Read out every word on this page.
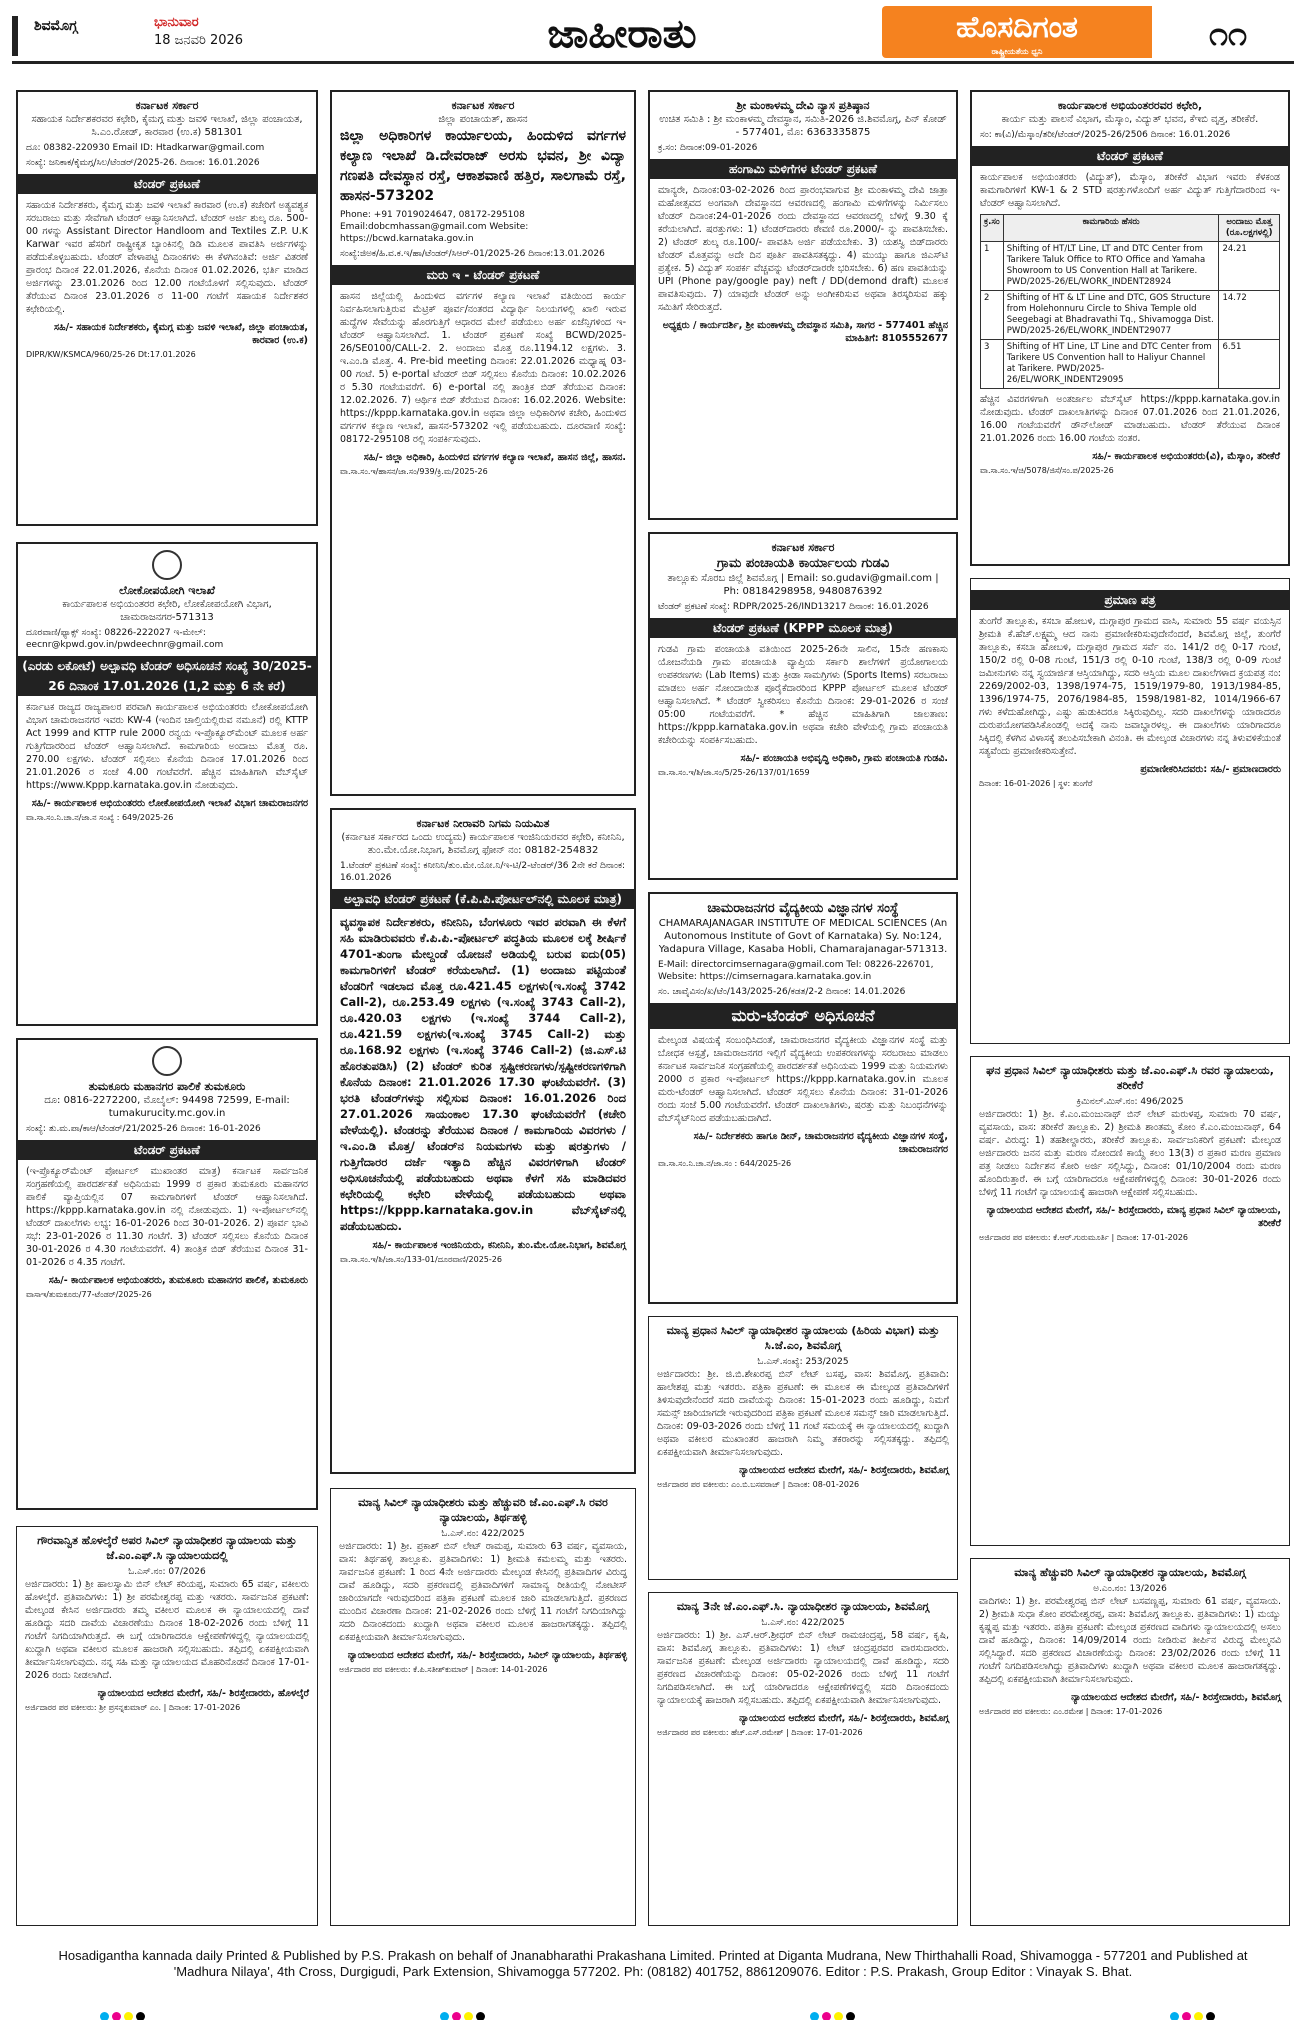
ಶಿವಮೊಗ್ಗ	ಭಾನುವಾರ
18 ಜನವರಿ 2026	ಜಾಹೀರಾತು	ಹೊಸದಿಗಂತ
ರಾಷ್ಟ್ರೀಯತೆಯ ಧ್ವನಿ	೧೧
ಕರ್ನಾಟಕ ಸರ್ಕಾರ
ಸಹಾಯಕ ನಿರ್ದೇಶಕರವರ ಕಛೇರಿ, ಕೈಮಗ್ಗ ಮತ್ತು ಜವಳಿ ಇಲಾಖೆ, ಜಿಲ್ಲಾ ಪಂಚಾಯತ, ಸಿ.ಎಂ.ರೋಡ್, ಕಾರವಾರ (ಉ.ಕ) 581301
ದೂ: 08382-220930 Email ID: Htadkarwar@gmail.com
ಸಂಖ್ಯೆ: ಜನಿಕಾಕ/ಕೈಮಗ್ಗ/ಸಿಲ/ಟೆಂಡರ್/2025-26. ದಿನಾಂಕ: 16.01.2026
ಟೆಂಡರ್ ಪ್ರಕಟಣೆ
ಸಹಾಯಕ ನಿರ್ದೇಶಕರು, ಕೈಮಗ್ಗ ಮತ್ತು ಜವಳಿ ಇಲಾಖೆ ಕಾರವಾರ (ಉ.ಕ) ಕಚೇರಿಗೆ ಅತ್ಯವಶ್ಯಕ ಸರಬರಾಜು ಮತ್ತು ಸೇವೆಗಾಗಿ ಟೆಂಡರ್ ಆಹ್ವಾನಿಸಲಾಗಿದೆ. ಟೆಂಡರ್ ಅರ್ಜಿ ಶುಲ್ಕ ರೂ. 500-00 ಗಳನ್ನು Assistant Director Handloom and Textiles Z.P. U.K Karwar ಇವರ ಹೆಸರಿಗೆ ರಾಷ್ಟ್ರೀಕೃತ ಬ್ಯಾಂಕಿನಲ್ಲಿ ಡಿಡಿ ಮೂಲಕ ಪಾವತಿಸಿ ಅರ್ಜಿಗಳನ್ನು ಪಡೆದುಕೊಳ್ಳಬಹುದು. ಟೆಂಡರ್ ವೇಳಾಪಟ್ಟಿ ದಿನಾಂಕಗಳು ಈ ಕೆಳಗಿನಂತಿವೆ: ಅರ್ಜಿ ವಿತರಣೆ ಪ್ರಾರಂಭ ದಿನಾಂಕ 22.01.2026, ಕೊನೆಯ ದಿನಾಂಕ 01.02.2026, ಭರ್ತಿ ಮಾಡಿದ ಅರ್ಜಿಗಳನ್ನು 23.01.2026 ರಿಂದ 12.00 ಗಂಟೆಯೊಳಗೆ ಸಲ್ಲಿಸುವುದು. ಟೆಂಡರ್ ತೆರೆಯುವ ದಿನಾಂಕ 23.01.2026 ರ 11-00 ಗಂಟೆಗೆ ಸಹಾಯಕ ನಿರ್ದೇಶಕರ ಕಛೇರಿಯಲ್ಲಿ.
ಸಹಿ/- ಸಹಾಯಕ ನಿರ್ದೇಶಕರು, ಕೈಮಗ್ಗ ಮತ್ತು ಜವಳಿ ಇಲಾಖೆ, ಜಿಲ್ಲಾ ಪಂಚಾಯತ, ಕಾರವಾರ (ಉ.ಕ)
DIPR/KW/KSMCA/960/25-26 Dt:17.01.2026
ಲೋಕೋಪಯೋಗಿ ಇಲಾಖೆ
ಕಾರ್ಯಪಾಲಕ ಅಭಿಯಂತರರ ಕಛೇರಿ, ಲೋಕೋಪಯೋಗಿ ವಿಭಾಗ, ಚಾಮರಾಜನಗರ-571313
ದೂರವಾಣಿ/ಫ್ಯಾಕ್ಸ್ ಸಂಖ್ಯೆ: 08226-222027 ಇ-ಮೇಲ್: eecnr@kpwd.gov.in/pwdeechnr@gmail.com
(ಎರಡು ಲಕೋಟೆ) ಅಲ್ಪಾವಧಿ ಟೆಂಡರ್ ಅಧಿಸೂಚನೆ ಸಂಖ್ಯೆ 30/2025-26 ದಿನಾಂಕ 17.01.2026 (1,2 ಮತ್ತು 6 ನೇ ಕರೆ)
ಕರ್ನಾಟಕ ರಾಜ್ಯದ ರಾಜ್ಯಪಾಲರ ಪರವಾಗಿ ಕಾರ್ಯಪಾಲಕ ಅಭಿಯಂತರರು ಲೋಕೋಪಯೋಗಿ ವಿಭಾಗ ಚಾಮರಾಜನಗರ ಇವರು KW-4 (ಇಂದಿನ ಚಾಲ್ತಿಯಲ್ಲಿರುವ ನಮೂನೆ) ರಲ್ಲಿ KTTP Act 1999 and KTTP rule 2000 ರನ್ವಯ ಇ-ಪ್ರೊಕ್ಯೂರ್‌ಮೆಂಟ್ ಮೂಲಕ ಅರ್ಹ ಗುತ್ತಿಗೆದಾರರಿಂದ ಟೆಂಡರ್ ಆಹ್ವಾನಿಸಲಾಗಿದೆ. ಕಾಮಗಾರಿಯ ಅಂದಾಜು ಮೊತ್ತ ರೂ. 270.00 ಲಕ್ಷಗಳು. ಟೆಂಡರ್ ಸಲ್ಲಿಸಲು ಕೊನೆಯ ದಿನಾಂಕ 17.01.2026 ರಿಂದ 21.01.2026 ರ ಸಂಜೆ 4.00 ಗಂಟೆವರೆಗೆ. ಹೆಚ್ಚಿನ ಮಾಹಿತಿಗಾಗಿ ವೆಬ್‌ಸೈಟ್ https://www.Kppp.karnataka.gov.in ನೋಡುವುದು.
ಸಹಿ/- ಕಾರ್ಯಪಾಲಕ ಅಭಿಯಂತರರು ಲೋಕೋಪಯೋಗಿ ಇಲಾಖೆ ವಿಭಾಗ ಚಾಮರಾಜನಗರ
ವಾ.ಸಾ.ಸಂ.ನಿ.ಚಾ.ನ/ಜಾ.ನ ಸಂಖ್ಯೆ : 649/2025-26
ತುಮಕೂರು ಮಹಾನಗರ ಪಾಲಿಕೆ ತುಮಕೂರು
ದೂ: 0816-2272200, ಮೊಬೈಲ್: 94498 72599, E-mail: tumakurucity.mc.gov.in
ಸಂಖ್ಯೆ: ತು.ಮ.ಪಾ/ಕಾಆ/ಟೆಂಡರ್/21/2025-26 ದಿನಾಂಕ: 16-01-2026
ಟೆಂಡರ್ ಪ್ರಕಟಣೆ
(ಇ-ಪ್ರೊಕ್ಯೂರ್‌ಮೆಂಟ್ ಪೋರ್ಟಲ್ ಮುಖಾಂತರ ಮಾತ್ರ) ಕರ್ನಾಟಕ ಸಾರ್ವಜನಿಕ ಸಂಗ್ರಹಣೆಯಲ್ಲಿ ಪಾರದರ್ಶಕತೆ ಅಧಿನಿಯಮ 1999 ರ ಪ್ರಕಾರ ತುಮಕೂರು ಮಹಾನಗರ ಪಾಲಿಕೆ ವ್ಯಾಪ್ತಿಯಲ್ಲಿನ 07 ಕಾಮಗಾರಿಗಳಿಗೆ ಟೆಂಡರ್ ಆಹ್ವಾನಿಸಲಾಗಿದೆ. https://kppp.karnataka.gov.in ನಲ್ಲಿ ನೋಡುವುದು. 1) ಇ-ಪೋರ್ಟಲ್‌ನಲ್ಲಿ ಟೆಂಡರ್ ದಾಖಲೆಗಳು ಲಭ್ಯ: 16-01-2026 ರಿಂದ 30-01-2026. 2) ಪೂರ್ವ ಭಾವಿ ಸಭೆ: 23-01-2026 ರ 11.30 ಗಂಟೆಗೆ. 3) ಟೆಂಡರ್ ಸಲ್ಲಿಸಲು ಕೊನೆಯ ದಿನಾಂಕ 30-01-2026 ರ 4.30 ಗಂಟೆಯವರೆಗೆ. 4) ತಾಂತ್ರಿಕ ಬಿಡ್ ತೆರೆಯುವ ದಿನಾಂಕ 31-01-2026 ರ 4.35 ಗಂಟೆಗೆ.
ಸಹಿ/- ಕಾರ್ಯಪಾಲಕ ಅಭಿಯಂತರರು, ತುಮಕೂರು ಮಹಾನಗರ ಪಾಲಿಕೆ, ತುಮಕೂರು
ವಾಸಾಇ/ತುಮಕೂರು/77-ಟೆಂಡರ್/2025-26
ಗೌರವಾನ್ವಿತ ಹೊಳಲ್ಕೆರೆ ಅಪರ ಸಿವಿಲ್ ನ್ಯಾಯಾಧೀಶರ ನ್ಯಾಯಾಲಯ ಮತ್ತು ಜೆ.ಎಂ.ಎಫ್.ಸಿ ನ್ಯಾಯಾಲಯದಲ್ಲಿ
ಓ.ಎಸ್.ನಂ: 07/2026
ಅರ್ಜಿದಾರರು: 1) ಶ್ರೀ ಹಾಲಸ್ವಾಮಿ ಬಿನ್ ಲೇಟ್ ಕರಿಯಪ್ಪ, ಸುಮಾರು 65 ವರ್ಷ, ವಕೀಲರು ಹೊಳಲ್ಕೆರೆ. ಪ್ರತಿವಾದಿಗಳು: 1) ಶ್ರೀ ಪರಮೇಶ್ವರಪ್ಪ ಮತ್ತು ಇತರರು. ಸಾರ್ವಜನಿಕ ಪ್ರಕಟಣೆ: ಮೇಲ್ಕಂಡ ಕೇಸಿನ ಅರ್ಜಿದಾರರು ತಮ್ಮ ವಕೀಲರ ಮೂಲಕ ಈ ನ್ಯಾಯಾಲಯದಲ್ಲಿ ದಾವೆ ಹೂಡಿದ್ದು ಸದರಿ ದಾವೆಯ ವಿಚಾರಣೆಯು ದಿನಾಂಕ 18-02-2026 ರಂದು ಬೆಳಿಗ್ಗೆ 11 ಗಂಟೆಗೆ ನಿಗದಿಯಾಗಿರುತ್ತದೆ. ಈ ಬಗ್ಗೆ ಯಾರಿಗಾದರೂ ಆಕ್ಷೇಪಣೆಗಳಿದ್ದಲ್ಲಿ ನ್ಯಾಯಾಲಯದಲ್ಲಿ ಖುದ್ದಾಗಿ ಅಥವಾ ವಕೀಲರ ಮೂಲಕ ಹಾಜರಾಗಿ ಸಲ್ಲಿಸಬಹುದು. ತಪ್ಪಿದಲ್ಲಿ ಏಕಪಕ್ಷೀಯವಾಗಿ ತೀರ್ಮಾನಿಸಲಾಗುವುದು. ನನ್ನ ಸಹಿ ಮತ್ತು ನ್ಯಾಯಾಲಯದ ಮೊಹರಿನೊಡನೆ ದಿನಾಂಕ 17-01-2026 ರಂದು ನೀಡಲಾಗಿದೆ.
ನ್ಯಾಯಾಲಯದ ಆದೇಶದ ಮೇರೆಗೆ, ಸಹಿ/- ಶಿರಸ್ತೇದಾರರು, ಹೊಳಲ್ಕೆರೆ
ಅರ್ಜಿದಾರರ ಪರ ವಕೀಲರು: ಶ್ರೀ ಪ್ರಸನ್ನಕುಮಾರ್ ಎಂ. | ದಿನಾಂಕ: 17-01-2026
ಕರ್ನಾಟಕ ಸರ್ಕಾರ
ಜಿಲ್ಲಾ ಪಂಚಾಯತ್, ಹಾಸನ
ಜಿಲ್ಲಾ ಅಧಿಕಾರಿಗಳ ಕಾರ್ಯಾಲಯ, ಹಿಂದುಳಿದ ವರ್ಗಗಳ ಕಲ್ಯಾಣ ಇಲಾಖೆ ಡಿ.ದೇವರಾಜ್ ಅರಸು ಭವನ, ಶ್ರೀ ವಿದ್ಯಾ ಗಣಪತಿ ದೇವಸ್ಥಾನ ರಸ್ತೆ, ಆಕಾಶವಾಣಿ ಹತ್ತಿರ, ಸಾಲಗಾಮೆ ರಸ್ತೆ, ಹಾಸನ-573202
Phone: +91 7019024647, 08172-295108 Email:dobcmhassan@gmail.com Website: https://bcwd.karnataka.gov.in
ಸಂಖ್ಯೆ:ಜಿಅಕ/ಹಿ.ವ.ಕ.ಇ/ಹಾ/ಟೆಂಡರ್/ಸಿಆರ್-01/2025-26 ದಿನಾಂಕ:13.01.2026
ಮರು ಇ - ಟೆಂಡರ್ ಪ್ರಕಟಣೆ
ಹಾಸನ ಜಿಲ್ಲೆಯಲ್ಲಿ ಹಿಂದುಳಿದ ವರ್ಗಗಳ ಕಲ್ಯಾಣ ಇಲಾಖೆ ವತಿಯಿಂದ ಕಾರ್ಯ ನಿರ್ವಹಿಸಲಾಗುತ್ತಿರುವ ಮೆಟ್ರಿಕ್ ಪೂರ್ವ/ನಂತರದ ವಿದ್ಯಾರ್ಥಿ ನಿಲಯಗಳಲ್ಲಿ ಖಾಲಿ ಇರುವ ಹುದ್ದೆಗಳ ಸೇವೆಯನ್ನು ಹೊರಗುತ್ತಿಗೆ ಆಧಾರದ ಮೇಲೆ ಪಡೆಯಲು ಅರ್ಹ ಏಜೆನ್ಸಿಗಳಿಂದ ಇ-ಟೆಂಡರ್ ಆಹ್ವಾನಿಸಲಾಗಿದೆ. 1. ಟೆಂಡರ್ ಪ್ರಕಟಣೆ ಸಂಖ್ಯೆ BCWD/2025-26/SE0100/CALL-2. 2. ಅಂದಾಜು ಮೊತ್ತ ರೂ.1194.12 ಲಕ್ಷಗಳು. 3. ಇ.ಎಂ.ಡಿ ಮೊತ್ತ. 4. Pre-bid meeting ದಿನಾಂಕ: 22.01.2026 ಮಧ್ಯಾಹ್ನ 03-00 ಗಂಟೆ. 5) e-portal ಟೆಂಡರ್ ಬಿಡ್ ಸಲ್ಲಿಸಲು ಕೊನೆಯ ದಿನಾಂಕ: 10.02.2026 ರ 5.30 ಗಂಟೆಯವರೆಗೆ. 6) e-portal ನಲ್ಲಿ ತಾಂತ್ರಿಕ ಬಿಡ್ ತೆರೆಯುವ ದಿನಾಂಕ: 12.02.2026. 7) ಆರ್ಥಿಕ ಬಿಡ್ ತೆರೆಯುವ ದಿನಾಂಕ: 16.02.2026. Website: https://kppp.karnataka.gov.in ಅಥವಾ ಜಿಲ್ಲಾ ಅಧಿಕಾರಿಗಳ ಕಚೇರಿ, ಹಿಂದುಳಿದ ವರ್ಗಗಳ ಕಲ್ಯಾಣ ಇಲಾಖೆ, ಹಾಸನ-573202 ಇಲ್ಲಿ ಪಡೆಯಬಹುದು. ದೂರವಾಣಿ ಸಂಖ್ಯೆ: 08172-295108 ರಲ್ಲಿ ಸಂಪರ್ಕಿಸುವುದು.
ಸಹಿ/- ಜಿಲ್ಲಾ ಅಧಿಕಾರಿ, ಹಿಂದುಳಿದ ವರ್ಗಗಳ ಕಲ್ಯಾಣ ಇಲಾಖೆ, ಹಾಸನ ಜಿಲ್ಲೆ, ಹಾಸನ.
ವಾ.ಸಾ.ಸಂ.ಇ/ಹಾಸನ/ಜಾ.ಸಂ/939/ಕ್ರಿ.ಮ/2025-26
ಕರ್ನಾಟಕ ನೀರಾವರಿ ನಿಗಮ ನಿಯಮಿತ
(ಕರ್ನಾಟಕ ಸರ್ಕಾರದ ಒಂದು ಉದ್ಯಮ) ಕಾರ್ಯಪಾಲಕ ಇಂಜಿನಿಯರವರ ಕಛೇರಿ, ಕನೀನಿನಿ, ತುಂ.ಮೇ.ಯೋ.ನಿಭಾಗ, ಶಿವಮೊಗ್ಗ ಫೋನ್ ನಂ: 08182-254832
1.ಟೆಂಡರ್ ಪ್ರಕಟಣೆ ಸಂಖ್ಯೆ: ಕನೀನಿನಿ/ತುಂ.ಮೇ.ಯೋ.ನಿ/ಇ-ಟಿ/2-ಟೆಂಡರ್/36 2ನೇ ಕರೆ ದಿನಾಂಕ: 16.01.2026
ಅಲ್ಪಾವಧಿ ಟೆಂಡರ್ ಪ್ರಕಟಣೆ (ಕೆ.ಪಿ.ಪಿ.ಪೋರ್ಟಲ್‌ನಲ್ಲಿ ಮೂಲಕ ಮಾತ್ರ)
ವ್ಯವಸ್ಥಾಪಕ ನಿರ್ದೇಶಕರು, ಕನೀನಿನಿ, ಬೆಂಗಳೂರು ಇವರ ಪರವಾಗಿ ಈ ಕೆಳಗೆ ಸಹಿ ಮಾಡಿರುವವರು ಕೆ.ಪಿ.ಪಿ.-ಪೋರ್ಟಲ್ ಪದ್ಧತಿಯ ಮೂಲಕ ಲಕ್ಕೆ ಶೀರ್ಷಿಕೆ 4701-ತುಂಗಾ ಮೇಲ್ದಂಡೆ ಯೋಜನೆ ಅಡಿಯಲ್ಲಿ ಬರುವ ಐದು(05) ಕಾಮಗಾರಿಗಳಿಗೆ ಟೆಂಡರ್ ಕರೆಯಲಾಗಿದೆ. (1) ಅಂದಾಜು ಪಟ್ಟಿಯಂತೆ ಟೆಂಡರಿಗೆ ಇಡಲಾದ ಮೊತ್ತ ರೂ.421.45 ಲಕ್ಷಗಳು(ಇ.ಸಂಖ್ಯೆ 3742 Call-2), ರೂ.253.49 ಲಕ್ಷಗಳು (ಇ.ಸಂಖ್ಯೆ 3743 Call-2), ರೂ.420.03 ಲಕ್ಷಗಳು (ಇ.ಸಂಖ್ಯೆ 3744 Call-2), ರೂ.421.59 ಲಕ್ಷಗಳು(ಇ.ಸಂಖ್ಯೆ 3745 Call-2) ಮತ್ತು ರೂ.168.92 ಲಕ್ಷಗಳು (ಇ.ಸಂಖ್ಯೆ 3746 Call-2) (ಜಿ.ಎಸ್.ಟಿ ಹೊರತುಪಡಿಸಿ) (2) ಟೆಂಡರ್ ಕುರಿತ ಸ್ಪಷ್ಟೀಕರಣಗಳು/ಸ್ಪಷ್ಟೀಕರಣಗಳಿಗಾಗಿ ಕೊನೆಯ ದಿನಾಂಕ: 21.01.2026 17.30 ಘಂಟೆಯವರೆಗೆ. (3) ಭರತಿ ಟೆಂಡರ್‌ಗಳನ್ನು ಸಲ್ಲಿಸುವ ದಿನಾಂಕ: 16.01.2026 ರಿಂದ 27.01.2026 ಸಾಯಂಕಾಲ 17.30 ಘಂಟೆಯವರೆಗೆ (ಕಚೇರಿ ವೇಳೆಯಲ್ಲಿ). ಟೆಂಡರನ್ನು ತೆರೆಯುವ ದಿನಾಂಕ / ಕಾಮಗಾರಿಯ ವಿವರಗಳು /ಇ.ಎಂ.ಡಿ ಮೊತ್ತ/ ಟೆಂಡರ್‌ನ ನಿಯಮಗಳು ಮತ್ತು ಷರತ್ತುಗಳು / ಗುತ್ತಿಗೆದಾರರ ದರ್ಜೆ ಇತ್ಯಾದಿ ಹೆಚ್ಚಿನ ವಿವರಗಳಿಗಾಗಿ ಟೆಂಡರ್ ಅಧಿಸೂಚನೆಯಲ್ಲಿ ಪಡೆಯಬಹುದು ಅಥವಾ ಕೆಳಗೆ ಸಹಿ ಮಾಡಿದವರ ಕಛೇರಿಯಲ್ಲಿ ಕಛೇರಿ ವೇಳೆಯಲ್ಲಿ ಪಡೆಯಬಹುದು ಅಥವಾ https://kppp.karnataka.gov.in ವೆಬ್‌ಸೈಟ್‌ನಲ್ಲಿ ಪಡೆಯಬಹುದು.
ಸಹಿ/- ಕಾರ್ಯಪಾಲಕ ಇಂಜಿನಿಯರು, ಕನೀನಿನಿ, ತುಂ.ಮೇ.ಯೋ.ನಿಭಾಗ, ಶಿವಮೊಗ್ಗ
ವಾ.ಸಾ.ಸಂ.ಇ/ಶಿ/ಜಾ.ಸಂ/133-01/ದೂರವಾಣಿ/2025-26
ಮಾನ್ಯ ಸಿವಿಲ್ ನ್ಯಾಯಾಧೀಶರು ಮತ್ತು ಹೆಚ್ಚುವರಿ ಜೆ.ಎಂ.ಎಫ್.ಸಿ ರವರ ನ್ಯಾಯಾಲಯ, ತಿರ್ಥಹಳ್ಳಿ
ಓ.ಎಸ್.ನಂ: 422/2025
ಅರ್ಜಿದಾರರು: 1) ಶ್ರೀ. ಪ್ರಕಾಶ್ ಬಿನ್ ಲೇಟ್ ರಾಮಪ್ಪ, ಸುಮಾರು 63 ವರ್ಷ, ವ್ಯವಸಾಯ, ವಾಸ: ತಿರ್ಥಹಳ್ಳಿ ತಾಲ್ಲೂಕು. ಪ್ರತಿವಾದಿಗಳು: 1) ಶ್ರೀಮತಿ ಕಮಲಮ್ಮ ಮತ್ತು ಇತರರು. ಸಾರ್ವಜನಿಕ ಪ್ರಕಟಣೆ: 1 ರಿಂದ 4ನೇ ಅರ್ಜಿದಾರರು ಮೇಲ್ಕಂಡ ಕೇಸಿನಲ್ಲಿ ಪ್ರತಿವಾದಿಗಳ ವಿರುದ್ಧ ದಾವೆ ಹೂಡಿದ್ದು, ಸದರಿ ಪ್ರಕರಣದಲ್ಲಿ ಪ್ರತಿವಾದಿಗಳಿಗೆ ಸಾಮಾನ್ಯ ರೀತಿಯಲ್ಲಿ ನೋಟೀಸ್ ಜಾರಿಯಾಗದೇ ಇರುವುದರಿಂದ ಪತ್ರಿಕಾ ಪ್ರಕಟಣೆ ಮೂಲಕ ಜಾರಿ ಮಾಡಲಾಗುತ್ತಿದೆ. ಪ್ರಕರಣದ ಮುಂದಿನ ವಿಚಾರಣಾ ದಿನಾಂಕ: 21-02-2026 ರಂದು ಬೆಳಿಗ್ಗೆ 11 ಗಂಟೆಗೆ ನಿಗದಿಯಾಗಿದ್ದು ಸದರಿ ದಿನಾಂಕದಂದು ಖುದ್ದಾಗಿ ಅಥವಾ ವಕೀಲರ ಮೂಲಕ ಹಾಜರಾಗತಕ್ಕದ್ದು. ತಪ್ಪಿದಲ್ಲಿ ಏಕಪಕ್ಷೀಯವಾಗಿ ತೀರ್ಮಾನಿಸಲಾಗುವುದು.
ನ್ಯಾಯಾಲಯದ ಆದೇಶದ ಮೇರೆಗೆ, ಸಹಿ/- ಶಿರಸ್ತೇದಾರರು, ಸಿವಿಲ್ ನ್ಯಾಯಾಲಯ, ತಿರ್ಥಹಳ್ಳಿ
ಅರ್ಜಿದಾರರ ಪರ ವಕೀಲರು: ಕೆ.ಪಿ.ಸತೀಶ್‌ಕುಮಾರ್ | ದಿನಾಂಕ: 14-01-2026
ಶ್ರೀ ಮಂಕಾಳಮ್ಮ ದೇವಿ ನ್ಯಾಸ ಪ್ರತಿಷ್ಠಾನ
ಉಚಿತ ಸಮಿತಿ : ಶ್ರೀ ಮಂಕಾಳಮ್ಮ ದೇವಸ್ಥಾನ, ಸಮಿತಿ-2026 ಜಿ.ಶಿವಮೊಗ್ಗ, ಪಿನ್ ಕೋಡ್ - 577401, ಮೊ: 6363335875
ಕ್ರ.ಸಂ: ದಿನಾಂಕ:09-01-2026
ಹಂಗಾಮಿ ಮಳಿಗೆಗಳ ಟೆಂಡರ್ ಪ್ರಕಟಣೆ
ಮಾನ್ಯರೇ, ದಿನಾಂಕ:03-02-2026 ರಿಂದ ಪ್ರಾರಂಭವಾಗುವ ಶ್ರೀ ಮಂಕಾಳಮ್ಮ ದೇವಿ ಜಾತ್ರಾ ಮಹೋತ್ಸವದ ಅಂಗವಾಗಿ ದೇವಸ್ಥಾನದ ಆವರಣದಲ್ಲಿ ಹಂಗಾಮಿ ಮಳಿಗೆಗಳನ್ನು ನಿರ್ಮಿಸಲು ಟೆಂಡರ್ ದಿನಾಂಕ:24-01-2026 ರಂದು ದೇವಸ್ಥಾನದ ಆವರಣದಲ್ಲಿ ಬೆಳಿಗ್ಗೆ 9.30 ಕ್ಕೆ ಕರೆಯಲಾಗಿದೆ. ಷರತ್ತುಗಳು: 1) ಟೆಂಡರ್‌ದಾರರು ಠೇವಣಿ ರೂ.2000/- ನ್ನು ಪಾವತಿಸಬೇಕು. 2) ಟೆಂಡರ್ ಶುಲ್ಕ ರೂ.100/- ಪಾವತಿಸಿ ಅರ್ಜಿ ಪಡೆಯಬೇಕು. 3) ಯಶಸ್ವಿ ಬಿಡ್‌ದಾರರು ಟೆಂಡರ್ ಮೊತ್ತವನ್ನು ಅದೇ ದಿನ ಪೂರ್ತಿ ಪಾವತಿಸತಕ್ಕದ್ದು. 4) ಮುಯ್ಯು ಹಾಗೂ ಜಿಎಸ್‌ಟಿ ಪ್ರತ್ಯೇಕ. 5) ವಿದ್ಯುತ್ ಸಂಪರ್ಕ ವೆಚ್ಚವನ್ನು ಟೆಂಡರ್‌ದಾರರೇ ಭರಿಸಬೇಕು. 6) ಹಣ ಪಾವತಿಯನ್ನು UPI (Phone pay/google pay) neft / DD(demond draft) ಮೂಲಕ ಪಾವತಿಸುವುದು. 7) ಯಾವುದೇ ಟೆಂಡರ್ ಅನ್ನು ಅಂಗೀಕರಿಸುವ ಅಥವಾ ತಿರಸ್ಕರಿಸುವ ಹಕ್ಕು ಸಮಿತಿಗೆ ಸೇರಿರುತ್ತದೆ.
ಅಧ್ಯಕ್ಷರು / ಕಾರ್ಯದರ್ಶಿ, ಶ್ರೀ ಮಂಕಾಳಮ್ಮ ದೇವಸ್ಥಾನ ಸಮಿತಿ, ಸಾಗರ - 577401 ಹೆಚ್ಚಿನ ಮಾಹಿತಿಗೆ: 8105552677
ಕರ್ನಾಟಕ ಸರ್ಕಾರ
ಗ್ರಾಮ ಪಂಚಾಯತಿ ಕಾರ್ಯಾಲಯ ಗುಡವಿ
ತಾಲ್ಲೂಕು ಸೊರಬ ಜಿಲ್ಲೆ ಶಿವಮೊಗ್ಗ | Email: so.gudavi@gmail.com | Ph: 08184298958, 9480876392
ಟೆಂಡರ್ ಪ್ರಕಟಣೆ ಸಂಖ್ಯೆ: RDPR/2025-26/IND13217 ದಿನಾಂಕ: 16.01.2026
ಟೆಂಡರ್ ಪ್ರಕಟಣೆ (KPPP ಮೂಲಕ ಮಾತ್ರ)
ಗುಡವಿ ಗ್ರಾಮ ಪಂಚಾಯತಿ ವತಿಯಿಂದ 2025-26ನೇ ಸಾಲಿನ, 15ನೇ ಹಣಕಾಸು ಯೋಜನೆಯಡಿ ಗ್ರಾಮ ಪಂಚಾಯತಿ ವ್ಯಾಪ್ತಿಯ ಸರ್ಕಾರಿ ಶಾಲೆಗಳಿಗೆ ಪ್ರಯೋಗಾಲಯ ಉಪಕರಣಗಳು (Lab Items) ಮತ್ತು ಕ್ರೀಡಾ ಸಾಮಗ್ರಿಗಳು (Sports Items) ಸರಬರಾಜು ಮಾಡಲು ಅರ್ಹ ನೋಂದಾಯಿತ ಪೂರೈಕೆದಾರರಿಂದ KPPP ಪೋರ್ಟಲ್ ಮೂಲಕ ಟೆಂಡರ್ ಆಹ್ವಾನಿಸಲಾಗಿದೆ. * ಟೆಂಡರ್ ಸ್ವೀಕರಿಸಲು ಕೊನೆಯ ದಿನಾಂಕ: 29-01-2026 ರ ಸಂಜೆ 05:00 ಗಂಟೆಯವರೆಗೆ. * ಹೆಚ್ಚಿನ ಮಾಹಿತಿಗಾಗಿ ಜಾಲತಾಣ: https://kppp.karnataka.gov.in ಅಥವಾ ಕಚೇರಿ ವೇಳೆಯಲ್ಲಿ ಗ್ರಾಮ ಪಂಚಾಯತಿ ಕಚೇರಿಯನ್ನು ಸಂಪರ್ಕಿಸಬಹುದು.
ಸಹಿ/- ಪಂಚಾಯತಿ ಅಭಿವೃದ್ಧಿ ಅಧಿಕಾರಿ, ಗ್ರಾಮ ಪಂಚಾಯತಿ ಗುಡವಿ.
ವಾ.ಸಾ.ಸಂ.ಇ/ಶಿ/ಜಾ.ಸಂ/5/25-26/137/01/1659
ಚಾಮರಾಜನಗರ ವೈದ್ಯಕೀಯ ವಿಜ್ಞಾನಗಳ ಸಂಸ್ಥೆ
CHAMARAJANAGAR INSTITUTE OF MEDICAL SCIENCES (An Autonomous Institute of Govt of Karnataka) Sy. No:124, Yadapura Village, Kasaba Hobli, Chamarajanagar-571313.
E-Mail: directorcimsernagara@gmail.com Tel: 08226-226701, Website: https://cimsernagara.karnataka.gov.in
ಸಂ. ಚಾವೈವಿಸಂ/ಖ/ಟೆಂ/143/2025-26/ಕಡತ/2-2 ದಿನಾಂಕ: 14.01.2026
ಮರು-ಟೆಂಡರ್ ಅಧಿಸೂಚನೆ
ಮೇಲ್ಕಂಡ ವಿಷಯಕ್ಕೆ ಸಂಬಂಧಿಸಿದಂತೆ, ಚಾಮರಾಜನಗರ ವೈದ್ಯಕೀಯ ವಿಜ್ಞಾನಗಳ ಸಂಸ್ಥೆ ಮತ್ತು ಬೋಧಕ ಆಸ್ಪತ್ರೆ, ಚಾಮರಾಜನಗರ ಇಲ್ಲಿಗೆ ವೈದ್ಯಕೀಯ ಉಪಕರಣಗಳನ್ನು ಸರಬರಾಜು ಮಾಡಲು ಕರ್ನಾಟಕ ಸಾರ್ವಜನಿಕ ಸಂಗ್ರಹಣೆಯಲ್ಲಿ ಪಾರದರ್ಶಕತೆ ಅಧಿನಿಯಮ 1999 ಮತ್ತು ನಿಯಮಗಳು 2000 ರ ಪ್ರಕಾರ ಇ-ಪೋರ್ಟಲ್ https://kppp.karnataka.gov.in ಮೂಲಕ ಮರು-ಟೆಂಡರ್ ಆಹ್ವಾನಿಸಲಾಗಿದೆ. ಟೆಂಡರ್ ಸಲ್ಲಿಸಲು ಕೊನೆಯ ದಿನಾಂಕ: 31-01-2026 ರಂದು ಸಂಜೆ 5.00 ಗಂಟೆಯವರೆಗೆ. ಟೆಂಡರ್ ದಾಖಲಾತಿಗಳು, ಷರತ್ತು ಮತ್ತು ನಿಬಂಧನೆಗಳನ್ನು ವೆಬ್‌ಸೈಟ್‌ನಿಂದ ಪಡೆಯಬಹುದಾಗಿದೆ.
ಸಹಿ/- ನಿರ್ದೇಶಕರು ಹಾಗೂ ಡೀನ್, ಚಾಮರಾಜನಗರ ವೈದ್ಯಕೀಯ ವಿಜ್ಞಾನಗಳ ಸಂಸ್ಥೆ, ಚಾಮರಾಜನಗರ
ವಾ.ಸಾ.ಸಂ.ನಿ.ಚಾ.ನ/ಜಾ.ಸಂ : 644/2025-26
ಮಾನ್ಯ ಪ್ರಧಾನ ಸಿವಿಲ್ ನ್ಯಾಯಾಧೀಶರ ನ್ಯಾಯಾಲಯ (ಹಿರಿಯ ವಿಭಾಗ) ಮತ್ತು ಸಿ.ಜೆ.ಎಂ, ಶಿವಮೊಗ್ಗ
ಓ.ಎಸ್.ಸಂಖ್ಯೆ: 253/2025
ಅರ್ಜಿದಾರರು: ಶ್ರೀ. ಜಿ.ಬಿ.ಶೇಖರಪ್ಪ ಬಿನ್ ಲೇಟ್ ಬಸಪ್ಪ, ವಾಸ: ಶಿವಮೊಗ್ಗ. ಪ್ರತಿವಾದಿ: ಹಾಲೇಶಪ್ಪ ಮತ್ತು ಇತರರು. ಪತ್ರಿಕಾ ಪ್ರಕಟಣೆ: ಈ ಮೂಲಕ ಈ ಮೇಲ್ಕಂಡ ಪ್ರತಿವಾದಿಗಳಿಗೆ ತಿಳಿಸುವುದೇನೆಂದರೆ ಸದರಿ ದಾವೆಯನ್ನು ದಿನಾಂಕ: 15-01-2023 ರಂದು ಹೂಡಿದ್ದು, ನಿಮಗೆ ಸಮನ್ಸ್ ಜಾರಿಯಾಗದೇ ಇರುವುದರಿಂದ ಪತ್ರಿಕಾ ಪ್ರಕಟಣೆ ಮೂಲಕ ಸಮನ್ಸ್ ಜಾರಿ ಮಾಡಲಾಗುತ್ತಿದೆ. ದಿನಾಂಕ: 09-03-2026 ರಂದು ಬೆಳಿಗ್ಗೆ 11 ಗಂಟೆ ಸಮಯಕ್ಕೆ ಈ ನ್ಯಾಯಾಲಯದಲ್ಲಿ ಖುದ್ದಾಗಿ ಅಥವಾ ವಕೀಲರ ಮುಖಾಂತರ ಹಾಜರಾಗಿ ನಿಮ್ಮ ತಕರಾರನ್ನು ಸಲ್ಲಿಸತಕ್ಕದ್ದು. ತಪ್ಪಿದಲ್ಲಿ ಏಕಪಕ್ಷೀಯವಾಗಿ ತೀರ್ಮಾನಿಸಲಾಗುವುದು.
ನ್ಯಾಯಾಲಯದ ಆದೇಶದ ಮೇರೆಗೆ, ಸಹಿ/- ಶಿರಸ್ತೇದಾರರು, ಶಿವಮೊಗ್ಗ
ಅರ್ಜಿದಾರರ ಪರ ವಕೀಲರು: ಎಂ.ಬಿ.ಬಸವರಾಜ್ | ದಿನಾಂಕ: 08-01-2026
ಮಾನ್ಯ 3ನೇ ಜೆ.ಎಂ.ಎಫ್.ಸಿ. ನ್ಯಾಯಾಧೀಶರ ನ್ಯಾಯಾಲಯ, ಶಿವಮೊಗ್ಗ
ಓ.ಎಸ್.ನಂ: 422/2025
ಅರ್ಜಿದಾರರು: 1) ಶ್ರೀ. ಎಸ್.ಆರ್.ಶ್ರೀಧರ್ ಬಿನ್ ಲೇಟ್ ರಾಮಚಂದ್ರಪ್ಪ, 58 ವರ್ಷ, ಕೃಷಿ, ವಾಸ: ಶಿವಮೊಗ್ಗ ತಾಲ್ಲೂಕು. ಪ್ರತಿವಾದಿಗಳು: 1) ಲೇಟ್ ಚಂದ್ರಪ್ಪರವರ ವಾರಸುದಾರರು. ಸಾರ್ವಜನಿಕ ಪ್ರಕಟಣೆ: ಮೇಲ್ಕಂಡ ಅರ್ಜಿದಾರರು ನ್ಯಾಯಾಲಯದಲ್ಲಿ ದಾವೆ ಹೂಡಿದ್ದು, ಸದರಿ ಪ್ರಕರಣದ ವಿಚಾರಣೆಯನ್ನು ದಿನಾಂಕ: 05-02-2026 ರಂದು ಬೆಳಿಗ್ಗೆ 11 ಗಂಟೆಗೆ ನಿಗದಿಪಡಿಸಲಾಗಿದೆ. ಈ ಬಗ್ಗೆ ಯಾರಿಗಾದರೂ ಆಕ್ಷೇಪಣೆಗಳಿದ್ದಲ್ಲಿ ಸದರಿ ದಿನಾಂಕದಂದು ನ್ಯಾಯಾಲಯಕ್ಕೆ ಹಾಜರಾಗಿ ಸಲ್ಲಿಸಬಹುದು. ತಪ್ಪಿದಲ್ಲಿ ಏಕಪಕ್ಷೀಯವಾಗಿ ತೀರ್ಮಾನಿಸಲಾಗುವುದು.
ನ್ಯಾಯಾಲಯದ ಆದೇಶದ ಮೇರೆಗೆ, ಸಹಿ/- ಶಿರಸ್ತೇದಾರರು, ಶಿವಮೊಗ್ಗ
ಅರ್ಜಿದಾರರ ಪರ ವಕೀಲರು: ಹೆಚ್.ಎಸ್.ರಮೇಶ್ | ದಿನಾಂಕ: 17-01-2026
ಕಾರ್ಯಪಾಲಕ ಅಭಿಯಂತರರವರ ಕಛೇರಿ,
ಕಾರ್ಯ ಮತ್ತು ಪಾಲನೆ ವಿಭಾಗ, ಮೆಸ್ಕಾಂ, ವಿದ್ಯುತ್ ಭವನ, ಕೆಇಬಿ ವೃತ್ತ, ತರೀಕೆರೆ.
ಸಂ: ಕಾ(ವಿ)/ಮೆಸ್ಕಾಂ/ತರೀ/ಟೆಂಡರ್/2025-26/2506 ದಿನಾಂಕ: 16.01.2026
ಟೆಂಡರ್ ಪ್ರಕಟಣೆ
ಕಾರ್ಯಪಾಲಕ ಅಭಿಯಂತರರು (ವಿದ್ಯುತ್), ಮೆಸ್ಕಾಂ, ತರೀಕೆರೆ ವಿಭಾಗ ಇವರು ಕೆಳಕಂಡ ಕಾಮಗಾರಿಗಳಿಗೆ KW-1 & 2 STD ಷರತ್ತುಗಳೊಂದಿಗೆ ಅರ್ಹ ವಿದ್ಯುತ್ ಗುತ್ತಿಗೆದಾರರಿಂದ ಇ-ಟೆಂಡರ್ ಆಹ್ವಾನಿಸಲಾಗಿದೆ.
ಕ್ರ.ಸಂ	ಕಾಮಗಾರಿಯ ಹೆಸರು	ಅಂದಾಜು ಮೊತ್ತ (ರೂ.ಲಕ್ಷಗಳಲ್ಲಿ)
1	Shifting of HT/LT Line, LT and DTC Center from Tarikere Taluk Office to RTO Office and Yamaha Showroom to US Convention Hall at Tarikere. PWD/2025-26/EL/WORK_INDENT28924	24.21
2	Shifting of HT & LT Line and DTC, GOS Structure from Holehonnuru Circle to Shiva Temple old Seegebagi at Bhadravathi Tq., Shivamogga Dist. PWD/2025-26/EL/WORK_INDENT29077	14.72
3	Shifting of HT Line, LT Line and DTC Center from Tarikere US Convention hall to Haliyur Channel at Tarikere. PWD/2025-26/EL/WORK_INDENT29095	6.51
ಹೆಚ್ಚಿನ ವಿವರಗಳಿಗಾಗಿ ಅಂತರ್ಜಾಲ ವೆಬ್‌ಸೈಟ್ https://kppp.karnataka.gov.in ನೋಡುವುದು. ಟೆಂಡರ್ ದಾಖಲಾತಿಗಳನ್ನು ದಿನಾಂಕ 07.01.2026 ರಿಂದ 21.01.2026, 16.00 ಗಂಟೆಯವರೆಗೆ ಡೌನ್‌ಲೋಡ್ ಮಾಡಬಹುದು. ಟೆಂಡರ್ ತೆರೆಯುವ ದಿನಾಂಕ 21.01.2026 ರಂದು 16.00 ಗಂಟೆಯ ನಂತರ.
ಸಹಿ/- ಕಾರ್ಯಪಾಲಕ ಅಭಿಯಂತರರು(ವಿ), ಮೆಸ್ಕಾಂ, ತರೀಕೆರೆ
ವಾ.ಸಾ.ಸಂ.ಇ/ಚಿ/5078/ಜಿಸೆ/ಸಂ.ಪ/2025-26
ಪ್ರಮಾಣ ಪತ್ರ
ತುಂಗೆರೆ ತಾಲ್ಲೂಕು, ಕಸಬಾ ಹೋಬಳಿ, ದುಗ್ಗಾಪುರ ಗ್ರಾಮದ ವಾಸಿ, ಸುಮಾರು 55 ವರ್ಷ ವಯಸ್ಸಿನ ಶ್ರೀಮತಿ ಕೆ.ಹೆಚ್.ಲಕ್ಷ್ಮಮ್ಮ ಆದ ನಾನು ಪ್ರಮಾಣೀಕರಿಸುವುದೇನೆಂದರೆ, ಶಿವಮೊಗ್ಗ ಜಿಲ್ಲೆ, ತುಂಗೆರೆ ತಾಲ್ಲೂಕು, ಕಸಬಾ ಹೋಬಳಿ, ದುಗ್ಗಾಪುರ ಗ್ರಾಮದ ಸರ್ವೆ ನಂ. 141/2 ರಲ್ಲಿ 0-17 ಗುಂಟೆ, 150/2 ರಲ್ಲಿ 0-08 ಗುಂಟೆ, 151/3 ರಲ್ಲಿ 0-10 ಗುಂಟೆ, 138/3 ರಲ್ಲಿ 0-09 ಗುಂಟೆ ಜಮೀನುಗಳು ನನ್ನ ಸ್ವಯಾರ್ಜಿತ ಆಸ್ತಿಯಾಗಿದ್ದು, ಸದರಿ ಆಸ್ತಿಯ ಮೂಲ ದಾಖಲೆಗಳಾದ ಕ್ರಯಪತ್ರ ನಂ: 2269/2002-03, 1398/1974-75, 1519/1979-80, 1913/1984-85, 1396/1974-75, 2076/1984-85, 1598/1981-82, 1014/1966-67 ಗಳು ಕಳೆದುಹೋಗಿದ್ದು, ಎಷ್ಟು ಹುಡುಕಿದರೂ ಸಿಕ್ಕಿರುವುದಿಲ್ಲ. ಸದರಿ ದಾಖಲೆಗಳನ್ನು ಯಾರಾದರೂ ದುರುಪಯೋಗಪಡಿಸಿಕೊಂಡಲ್ಲಿ ಅದಕ್ಕೆ ನಾನು ಜವಾಬ್ದಾರಳಲ್ಲ. ಈ ದಾಖಲೆಗಳು ಯಾರಿಗಾದರೂ ಸಿಕ್ಕಿದಲ್ಲಿ ಕೆಳಗಿನ ವಿಳಾಸಕ್ಕೆ ತಲುಪಿಸಬೇಕಾಗಿ ವಿನಂತಿ. ಈ ಮೇಲ್ಕಂಡ ವಿಚಾರಗಳು ನನ್ನ ತಿಳುವಳಿಕೆಯಂತೆ ಸತ್ಯವೆಂದು ಪ್ರಮಾಣೀಕರಿಸುತ್ತೇನೆ.
ಪ್ರಮಾಣೀಕರಿಸಿದವರು: ಸಹಿ/- ಪ್ರಮಾಣದಾರರು
ದಿನಾಂಕ: 16-01-2026 | ಸ್ಥಳ: ತುಂಗೆರೆ
ಘನ ಪ್ರಧಾನ ಸಿವಿಲ್ ನ್ಯಾಯಾಧೀಶರು ಮತ್ತು ಜೆ.ಎಂ.ಎಫ್.ಸಿ ರವರ ನ್ಯಾಯಾಲಯ, ತರೀಕೆರೆ
ಕ್ರಿಮಿನಲ್.ಮಿಸ್.ನಂ: 496/2025
ಅರ್ಜಿದಾರರು: 1) ಶ್ರೀ. ಕೆ.ಎಂ.ಮಂಜುನಾಥ್ ಬಿನ್ ಲೇಟ್ ಮರುಳಪ್ಪ, ಸುಮಾರು 70 ವರ್ಷ, ವ್ಯವಸಾಯ, ವಾಸ: ತರೀಕೆರೆ ತಾಲ್ಲೂಕು. 2) ಶ್ರೀಮತಿ ಶಾಂತಮ್ಮ ಕೋಂ ಕೆ.ಎಂ.ಮಂಜುನಾಥ್, 64 ವರ್ಷ. ವಿರುದ್ಧ: 1) ತಹಶೀಲ್ದಾರರು, ತರೀಕೆರೆ ತಾಲ್ಲೂಕು. ಸಾರ್ವಜನಿಕರಿಗೆ ಪ್ರಕಟಣೆ: ಮೇಲ್ಕಂಡ ಅರ್ಜಿದಾರರು ಜನನ ಮತ್ತು ಮರಣ ನೋಂದಣಿ ಕಾಯ್ದೆ ಕಲಂ 13(3) ರ ಪ್ರಕಾರ ಮರಣ ಪ್ರಮಾಣ ಪತ್ರ ನೀಡಲು ನಿರ್ದೇಶನ ಕೋರಿ ಅರ್ಜಿ ಸಲ್ಲಿಸಿದ್ದು, ದಿನಾಂಕ: 01/10/2004 ರಂದು ಮರಣ ಹೊಂದಿರುತ್ತಾರೆ. ಈ ಬಗ್ಗೆ ಯಾರಿಗಾದರೂ ಆಕ್ಷೇಪಣೆಗಳಿದ್ದಲ್ಲಿ ದಿನಾಂಕ: 30-01-2026 ರಂದು ಬೆಳಿಗ್ಗೆ 11 ಗಂಟೆಗೆ ನ್ಯಾಯಾಲಯಕ್ಕೆ ಹಾಜರಾಗಿ ಆಕ್ಷೇಪಣೆ ಸಲ್ಲಿಸಬಹುದು.
ನ್ಯಾಯಾಲಯದ ಆದೇಶದ ಮೇರೆಗೆ, ಸಹಿ/- ಶಿರಸ್ತೇದಾರರು, ಮಾನ್ಯ ಪ್ರಧಾನ ಸಿವಿಲ್ ನ್ಯಾಯಾಲಯ, ತರೀಕೆರೆ
ಅರ್ಜಿದಾರರ ಪರ ವಕೀಲರು: ಕೆ.ಆರ್.ಗುರುಮೂರ್ತಿ | ದಿನಾಂಕ: 17-01-2026
ಮಾನ್ಯ ಹೆಚ್ಚುವರಿ ಸಿವಿಲ್ ನ್ಯಾಯಾಧೀಶರ ನ್ಯಾಯಾಲಯ, ಶಿವಮೊಗ್ಗ
ಅ.ಎಂ.ನಂ: 13/2026
ವಾದಿಗಳು: 1) ಶ್ರೀ. ಪರಮೇಶ್ವರಪ್ಪ ಬಿನ್ ಲೇಟ್ ಬಸವಣ್ಣಪ್ಪ, ಸುಮಾರು 61 ವರ್ಷ, ವ್ಯವಸಾಯ. 2) ಶ್ರೀಮತಿ ಸುಧಾ ಕೋಂ ಪರಮೇಶ್ವರಪ್ಪ, ವಾಸ: ಶಿವಮೊಗ್ಗ ತಾಲ್ಲೂಕು. ಪ್ರತಿವಾದಿಗಳು: 1) ಮಯ್ಯು ಕೃಷ್ಣಪ್ಪ ಮತ್ತು ಇತರರು. ಪತ್ರಿಕಾ ಪ್ರಕಟಣೆ: ಮೇಲ್ಕಂಡ ಪ್ರಕರಣದ ವಾದಿಗಳು ನ್ಯಾಯಾಲಯದಲ್ಲಿ ಅಸಲು ದಾವೆ ಹೂಡಿದ್ದು, ದಿನಾಂಕ: 14/09/2014 ರಂದು ನೀಡಿರುವ ತೀರ್ಪಿನ ವಿರುದ್ಧ ಮೇಲ್ಮನವಿ ಸಲ್ಲಿಸಿದ್ದಾರೆ. ಸದರಿ ಪ್ರಕರಣದ ವಿಚಾರಣೆಯನ್ನು ದಿನಾಂಕ: 23/02/2026 ರಂದು ಬೆಳಿಗ್ಗೆ 11 ಗಂಟೆಗೆ ನಿಗದಿಪಡಿಸಲಾಗಿದ್ದು ಪ್ರತಿವಾದಿಗಳು ಖುದ್ದಾಗಿ ಅಥವಾ ವಕೀಲರ ಮೂಲಕ ಹಾಜರಾಗತಕ್ಕದ್ದು. ತಪ್ಪಿದಲ್ಲಿ ಏಕಪಕ್ಷೀಯವಾಗಿ ತೀರ್ಮಾನಿಸಲಾಗುವುದು.
ನ್ಯಾಯಾಲಯದ ಆದೇಶದ ಮೇರೆಗೆ, ಸಹಿ/- ಶಿರಸ್ತೇದಾರರು, ಶಿವಮೊಗ್ಗ
ಅರ್ಜಿದಾರರ ಪರ ವಕೀಲರು: ಎಂ.ರಮೇಶ | ದಿನಾಂಕ: 17-01-2026
Hosadigantha kannada daily Printed & Published by P.S. Prakash on behalf of Jnanabharathi Prakashana Limited. Printed at Diganta Mudrana, New Thirthahalli Road, Shivamogga - 577201 and Published at 'Madhura Nilaya', 4th Cross, Durgigudi, Park Extension, Shivamogga 577202. Ph: (08182) 401752, 8861209076. Editor : P.S. Prakash, Group Editor : Vinayak S. Bhat.
